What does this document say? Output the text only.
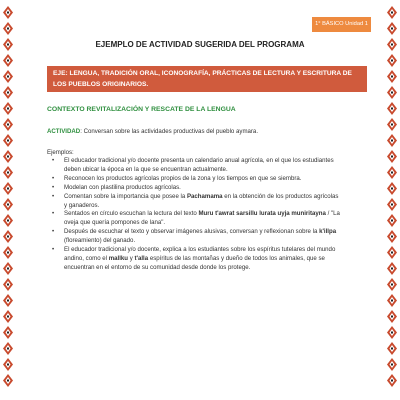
1° BÁSICO Unidad 1
EJEMPLO DE ACTIVIDAD SUGERIDA DEL PROGRAMA
EJE: LENGUA, TRADICIÓN ORAL, ICONOGRAFÍA, PRÁCTICAS DE LECTURA Y ESCRITURA DE LOS PUEBLOS ORIGINARIOS.
CONTEXTO REVITALIZACIÓN Y RESCATE DE LA LENGUA
ACTIVIDAD: Conversan sobre las actividades productivas del pueblo aymara.
Ejemplos:
• El educador tradicional y/o docente presenta un calendario anual agrícola, en el que los estudiantes deben ubicar la época en la que se encuentran actualmente.
• Reconocen los productos agrícolas propios de la zona y los tiempos en que se siembra.
• Modelan con plastilina productos agrícolas.
• Comentan sobre la importancia que posee la Pachamama en la obtención de los productos agrícolas y ganaderos.
• Sentados en círculo escuchan la lectura del texto Muru t'awrat sarsillu lurata uyja muniritayna / "La oveja que quería pompones de lana".
• Después de escuchar el texto y observar imágenes alusivas, conversan y reflexionan sobre la k'illpa (floreamiento) del ganado.
• El educador tradicional y/o docente, explica a los estudiantes sobre los espíritus tutelares del mundo andino, como el mallku y t'alla espíritus de las montañas y dueño de todos los animales, que se encuentran en el entorno de su comunidad desde donde los protege.
